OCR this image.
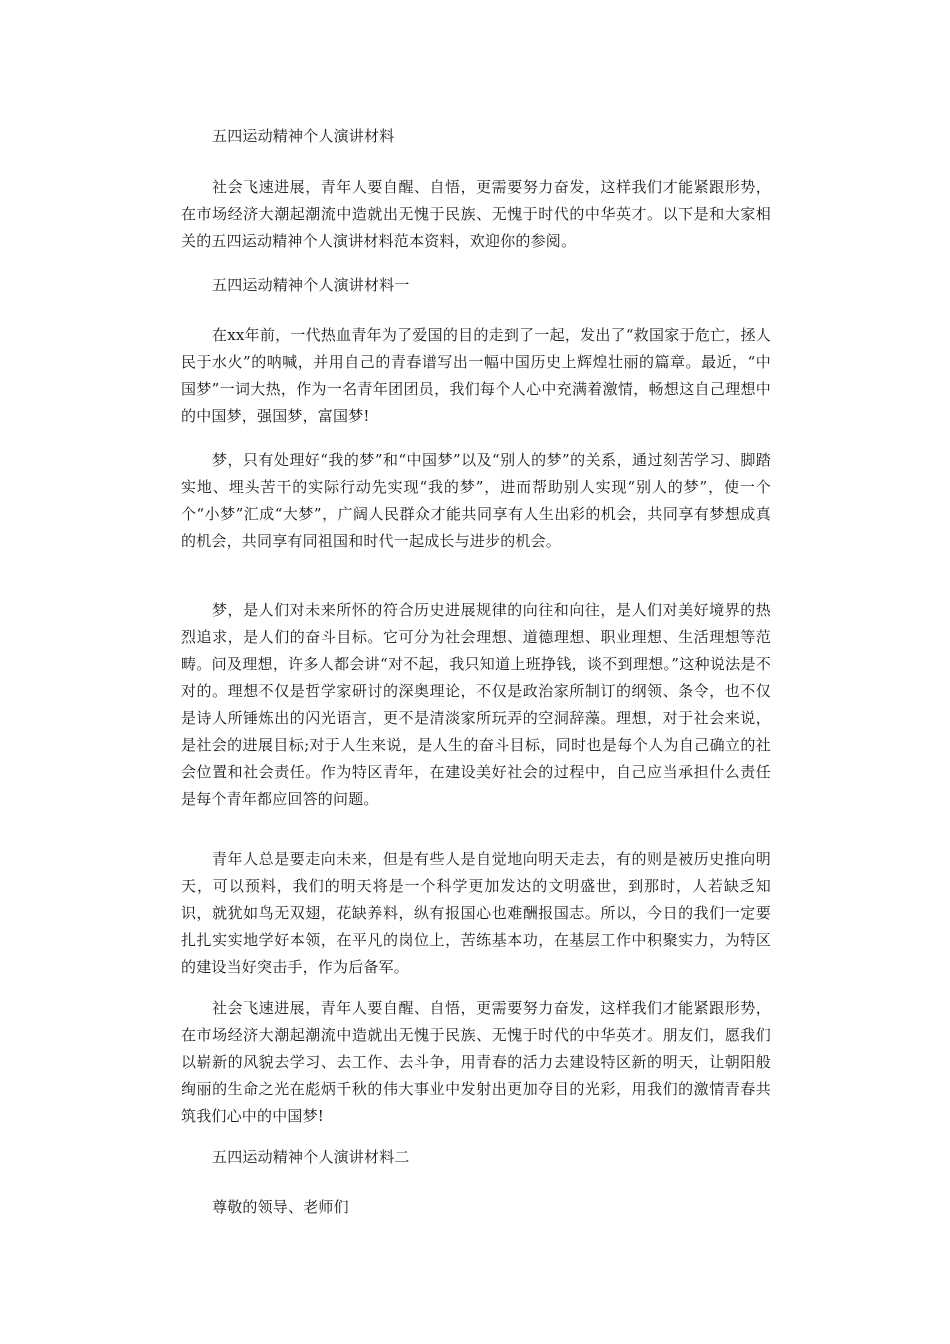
五四运动精神个人演讲材料

社会飞速进展，青年人要自醒、自悟，更需要努力奋发，这样我们才能紧跟形势，在市场经济大潮起潮流中造就出无愧于民族、无愧于时代的中华英才。以下是和大家相关的五四运动精神个人演讲材料范本资料，欢迎你的参阅。

五四运动精神个人演讲材料一

在xx年前，一代热血青年为了爱国的目的走到了一起，发出了“救国家于危亡，拯人民于水火”的呐喊，并用自己的青春谱写出一幅中国历史上辉煌壮丽的篇章。最近，“中国梦”一词大热，作为一名青年团团员，我们每个人心中充满着激情，畅想这自己理想中的中国梦，强国梦，富国梦!

梦，只有处理好“我的梦”和“中国梦”以及“别人的梦”的关系，通过刻苦学习、脚踏实地、埋头苦干的实际行动先实现“我的梦”，进而帮助别人实现“别人的梦”，使一个个“小梦”汇成“大梦”，广阔人民群众才能共同享有人生出彩的机会，共同享有梦想成真的机会，共同享有同祖国和时代一起成长与进步的机会。

梦，是人们对未来所怀的符合历史进展规律的向往和向往，是人们对美好境界的热烈追求，是人们的奋斗目标。它可分为社会理想、道德理想、职业理想、生活理想等范畴。问及理想，许多人都会讲“对不起，我只知道上班挣钱，谈不到理想。”这种说法是不对的。理想不仅是哲学家研讨的深奥理论，不仅是政治家所制订的纲领、条令，也不仅是诗人所锤炼出的闪光语言，更不是清淡家所玩弄的空洞辞藻。理想，对于社会来说，是社会的进展目标;对于人生来说，是人生的奋斗目标，同时也是每个人为自己确立的社会位置和社会责任。作为特区青年，在建设美好社会的过程中，自己应当承担什么责任是每个青年都应回答的问题。

青年人总是要走向未来，但是有些人是自觉地向明天走去，有的则是被历史推向明天，可以预料，我们的明天将是一个科学更加发达的文明盛世，到那时，人若缺乏知识，就犹如鸟无双翅，花缺养料，纵有报国心也难酬报国志。所以，今日的我们一定要扎扎实实地学好本领，在平凡的岗位上，苦练基本功，在基层工作中积聚实力，为特区的建设当好突击手，作为后备军。

社会飞速进展，青年人要自醒、自悟，更需要努力奋发，这样我们才能紧跟形势，在市场经济大潮起潮流中造就出无愧于民族、无愧于时代的中华英才。朋友们，愿我们以崭新的风貌去学习、去工作、去斗争，用青春的活力去建设特区新的明天，让朝阳般绚丽的生命之光在彪炳千秋的伟大事业中发射出更加夺目的光彩，用我们的激情青春共筑我们心中的中国梦!

五四运动精神个人演讲材料二

尊敬的领导、老师们
